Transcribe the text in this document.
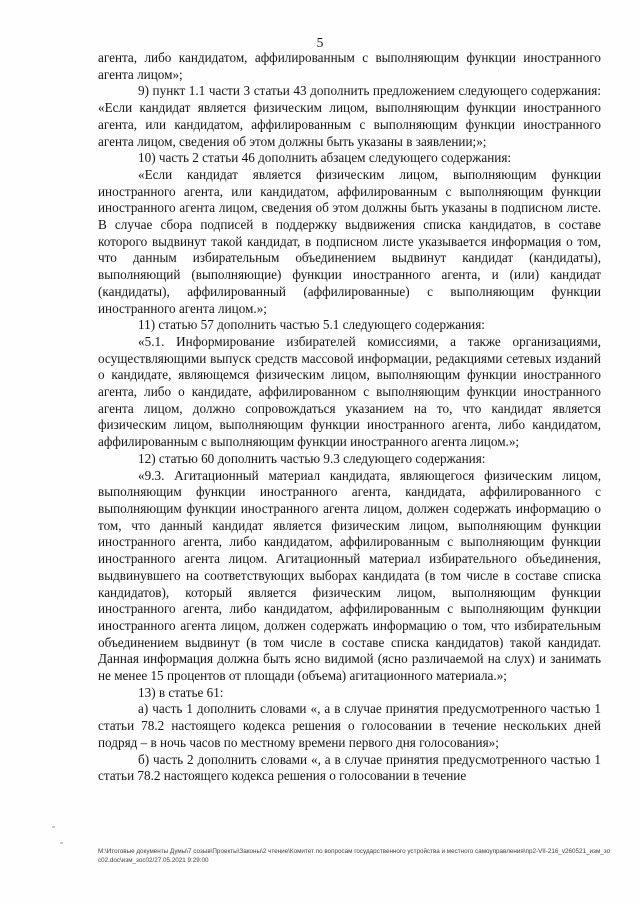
5

агента, либо кандидатом, аффилированным с выполняющим функции иностранного агента лицом»;

9) пункт 1.1 части 3 статьи 43 дополнить предложением следующего содержания: «Если кандидат является физическим лицом, выполняющим функции иностранного агента, или кандидатом, аффилированным с выполняющим функции иностранного агента лицом, сведения об этом должны быть указаны в заявлении;»;

10) часть 2 статьи 46 дополнить абзацем следующего содержания:

«Если кандидат является физическим лицом, выполняющим функции иностранного агента, или кандидатом, аффилированным с выполняющим функции иностранного агента лицом, сведения об этом должны быть указаны в подписном листе. В случае сбора подписей в поддержку выдвижения списка кандидатов, в составе которого выдвинут такой кандидат, в подписном листе указывается информация о том, что данным избирательным объединением выдвинут кандидат (кандидаты), выполняющий (выполняющие) функции иностранного агента, и (или) кандидат (кандидаты), аффилированный (аффилированные) с выполняющим функции иностранного агента лицом.»;

11) статью 57 дополнить частью 5.1 следующего содержания:

«5.1. Информирование избирателей комиссиями, а также организациями, осуществляющими выпуск средств массовой информации, редакциями сетевых изданий о кандидате, являющемся физическим лицом, выполняющим функции иностранного агента, либо о кандидате, аффилированном с выполняющим функции иностранного агента лицом, должно сопровождаться указанием на то, что кандидат является физическим лицом, выполняющим функции иностранного агента, либо кандидатом, аффилированным с выполняющим функции иностранного агента лицом.»;

12) статью 60 дополнить частью 9.3 следующего содержания:

«9.3. Агитационный материал кандидата, являющегося физическим лицом, выполняющим функции иностранного агента, кандидата, аффилированного с выполняющим функции иностранного агента лицом, должен содержать информацию о том, что данный кандидат является физическим лицом, выполняющим функции иностранного агента, либо кандидатом, аффилированным с выполняющим функции иностранного агента лицом. Агитационный материал избирательного объединения, выдвинувшего на соответствующих выборах кандидата (в том числе в составе списка кандидатов), который является физическим лицом, выполняющим функции иностранного агента, либо кандидатом, аффилированным с выполняющим функции иностранного агента лицом, должен содержать информацию о том, что избирательным объединением выдвинут (в том числе в составе списка кандидатов) такой кандидат. Данная информация должна быть ясно видимой (ясно различаемой на слух) и занимать не менее 15 процентов от площади (объема) агитационного материала.»;

13) в статье 61:

а) часть 1 дополнить словами «, а в случае принятия предусмотренного частью 1 статьи 78.2 настоящего кодекса решения о голосовании в течение нескольких дней подряд – в ночь часов по местному времени первого дня голосования»;

б) часть 2 дополнить словами «, а в случае принятия предусмотренного частью 1 статьи 78.2 настоящего кодекса решения о голосовании в течение

M:\Итоговые документы Думы\7 созыв\Проекты\Законы\2 чтение\Комитет по вопросам государственного устройства и местного самоуправления\пр2-VII-216_v260521_изм_зос02.doc\изм_зос02/27.05.2021 9:29:00
